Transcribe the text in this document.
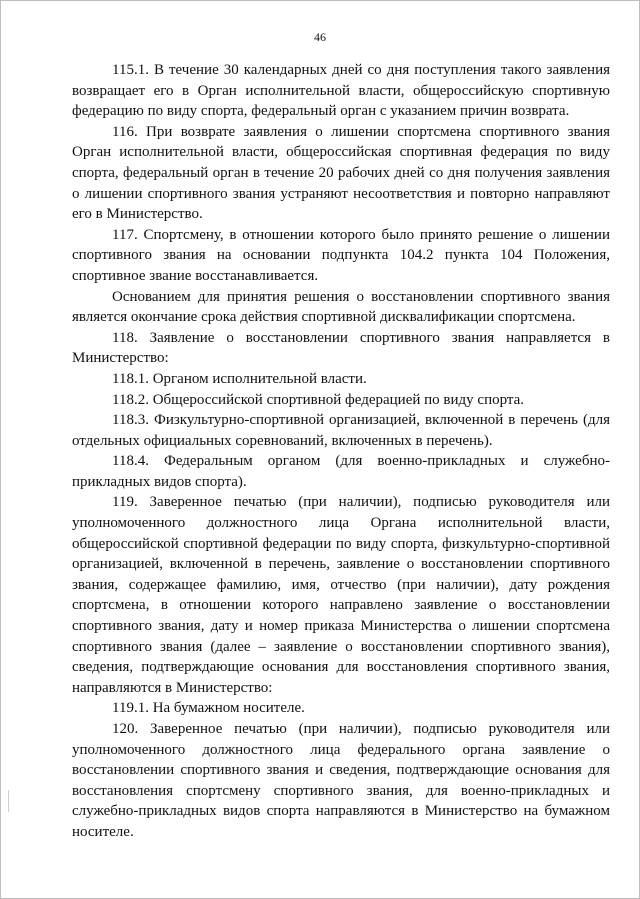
46

115.1. В течение 30 календарных дней со дня поступления такого заявления возвращает его в Орган исполнительной власти, общероссийскую спортивную федерацию по виду спорта, федеральный орган с указанием причин возврата.

116. При возврате заявления о лишении спортсмена спортивного звания Орган исполнительной власти, общероссийская спортивная федерация по виду спорта, федеральный орган в течение 20 рабочих дней со дня получения заявления о лишении спортивного звания устраняют несоответствия и повторно направляют его в Министерство.

117. Спортсмену, в отношении которого было принято решение о лишении спортивного звания на основании подпункта 104.2 пункта 104 Положения, спортивное звание восстанавливается.

Основанием для принятия решения о восстановлении спортивного звания является окончание срока действия спортивной дисквалификации спортсмена.

118. Заявление о восстановлении спортивного звания направляется в Министерство:

118.1. Органом исполнительной власти.

118.2. Общероссийской спортивной федерацией по виду спорта.

118.3. Физкультурно-спортивной организацией, включенной в перечень (для отдельных официальных соревнований, включенных в перечень).

118.4. Федеральным органом (для военно-прикладных и служебно-прикладных видов спорта).

119. Заверенное печатью (при наличии), подписью руководителя или уполномоченного должностного лица Органа исполнительной власти, общероссийской спортивной федерации по виду спорта, физкультурно-спортивной организацией, включенной в перечень, заявление о восстановлении спортивного звания, содержащее фамилию, имя, отчество (при наличии), дату рождения спортсмена, в отношении которого направлено заявление о восстановлении спортивного звания, дату и номер приказа Министерства о лишении спортсмена спортивного звания (далее – заявление о восстановлении спортивного звания), сведения, подтверждающие основания для восстановления спортивного звания, направляются в Министерство:

119.1. На бумажном носителе.

120. Заверенное печатью (при наличии), подписью руководителя или уполномоченного должностного лица федерального органа заявление о восстановлении спортивного звания и сведения, подтверждающие основания для восстановления спортсмену спортивного звания, для военно-прикладных и служебно-прикладных видов спорта направляются в Министерство на бумажном носителе.
